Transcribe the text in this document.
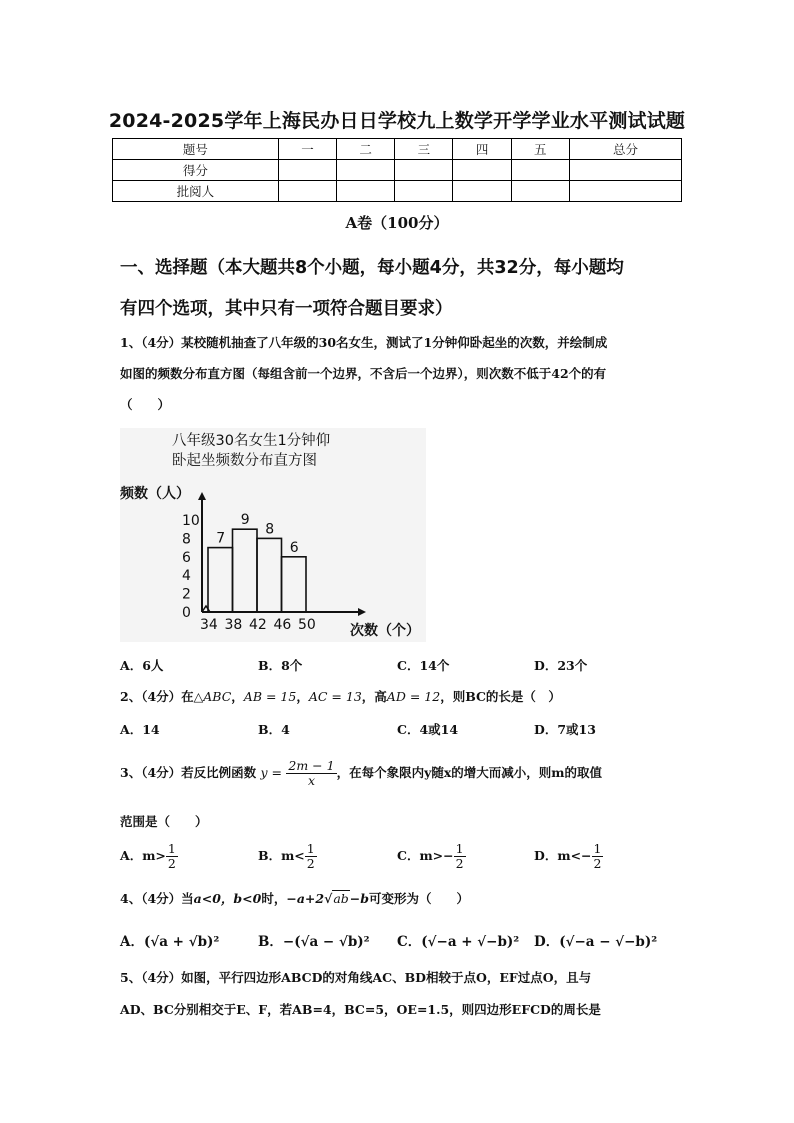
2024-2025学年上海民办日日学校九上数学开学学业水平测试试题
题号	一	二	三	四	五	总分
得分						
批阅人						
A卷（100分）
一、选择题（本大题共8个小题，每小题4分，共32分，每小题均
有四个选项，其中只有一项符合题目要求）
1、（4分）某校随机抽查了八年级的30名女生，测试了1分钟仰卧起坐的次数，并绘制成
如图的频数分布直方图（每组含前一个边界，不含后一个边界），则次数不低于42个的有
（　　）
八年级30名女生1分钟仰
卧起坐频数分布直方图
频数（人）
次数（个）
0
2
4
6
8
10
7
9
8
6
34 38 42 46 50
A．6人	B．8个	C．14个	D．23个
2、（4分）在△ABC，AB = 15，AC = 13，高AD = 12，则BC的长是（　）
A．14	B．4	C．4或14	D．7或13
3、（4分）若反比例函数 $y = \frac{2m - 1}{x}$ ，在每个象限内y随x的增大而减小，则m的取值
范围是（　　）
A．$m> \frac{1}{2}$	B．$m< \frac{1}{2}$	C．$m>- \frac{1}{2}$	D．$m<- \frac{1}{2}$
4、（4分）当a<0，b<0时，−a+2√ab−b可变形为（　　）
A．(√a + √b)²	B．−(√a − √b)² C．(√−a + √−b)² D．(√−a − √−b)²
5、（4分）如图，平行四边形ABCD的对角线AC、BD相较于点O，EF过点O，且与
AD、BC分别相交于E、F，若AB=4，BC=5，OE=1.5，则四边形EFCD的周长是
